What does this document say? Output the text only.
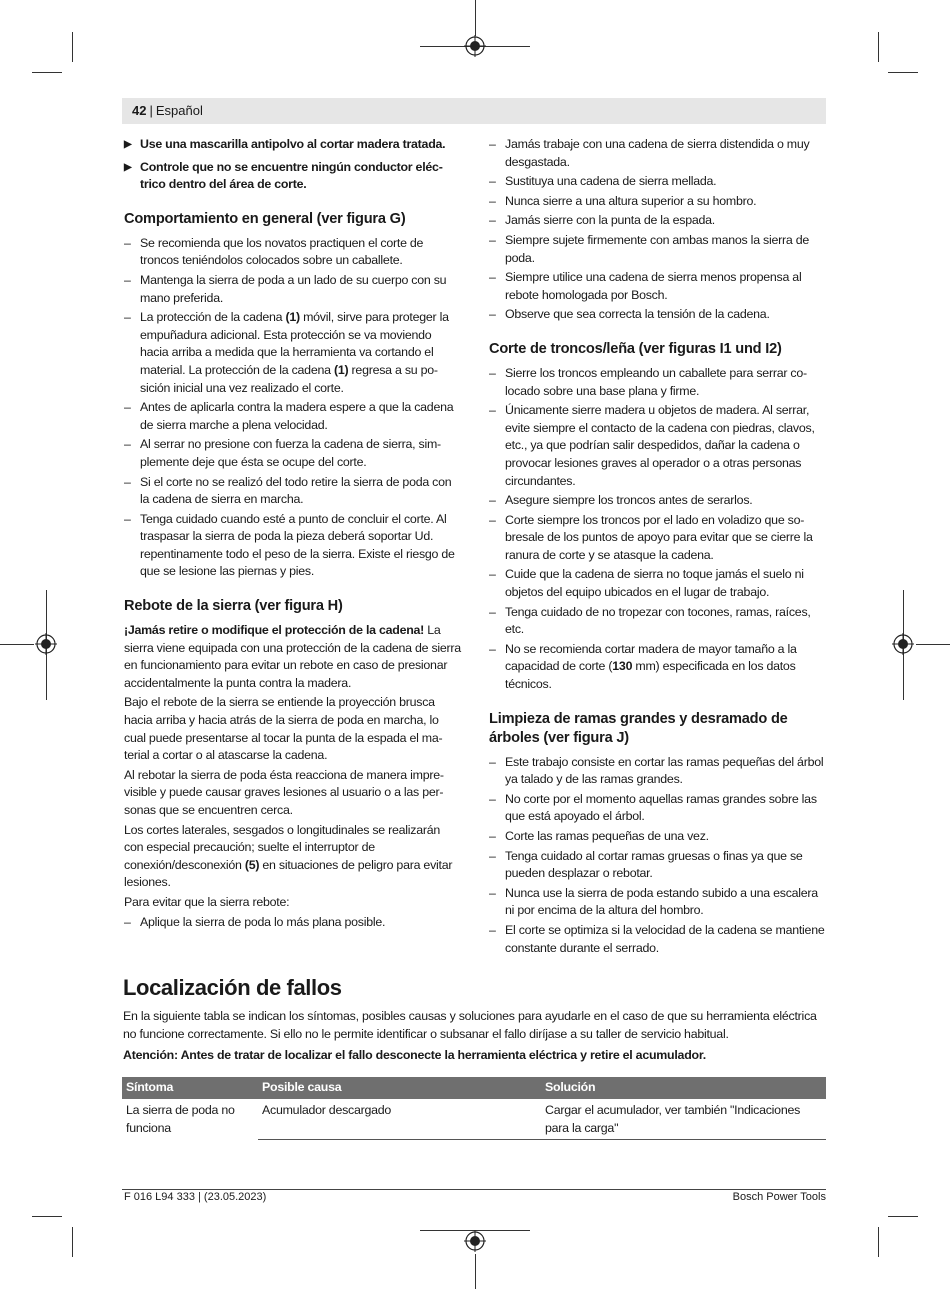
42 | Español
▶ Use una mascarilla antipolvo al cortar madera tratada.
▶ Controle que no se encuentre ningún conductor eléctrico dentro del área de corte.
Comportamiento en general (ver figura G)
– Se recomienda que los novatos practiquen el corte de troncos teniéndolos colocados sobre un caballete.
– Mantenga la sierra de poda a un lado de su cuerpo con su mano preferida.
– La protección de la cadena (1) móvil, sirve para proteger la empuñadura adicional. Esta protección se va moviendo hacia arriba a medida que la herramienta va cortando el material. La protección de la cadena (1) regresa a su posición inicial una vez realizado el corte.
– Antes de aplicarla contra la madera espere a que la cadena de sierra marche a plena velocidad.
– Al serrar no presione con fuerza la cadena de sierra, simplemente deje que ésta se ocupe del corte.
– Si el corte no se realizó del todo retire la sierra de poda con la cadena de sierra en marcha.
– Tenga cuidado cuando esté a punto de concluir el corte. Al traspasar la sierra de poda la pieza deberá soportar Ud. repentinamente todo el peso de la sierra. Existe el riesgo de que se lesione las piernas y pies.
Rebote de la sierra (ver figura H)

¡Jamás retire o modifique el protección de la cadena! La sierra viene equipada con una protección de la cadena de sierra en funcionamiento para evitar un rebote en caso de presionar accidentalmente la punta contra la madera.

Bajo el rebote de la sierra se entiende la proyección brusca hacia arriba y hacia atrás de la sierra de poda en marcha, lo cual puede presentarse al tocar la punta de la espada el material a cortar o al atascarse la cadena.

Al rebotar la sierra de poda ésta reacciona de manera imprevisible y puede causar graves lesiones al usuario o a las personas que se encuentren cerca.

Los cortes laterales, sesgados o longitudinales se realizarán con especial precaución; suelte el interruptor de conexión/desconexión (5) en situaciones de peligro para evitar lesiones.

Para evitar que la sierra rebote:

– Aplique la sierra de poda lo más plana posible.
– Jamás trabaje con una cadena de sierra distendida o muy desgastada.
– Sustituya una cadena de sierra mellada.
– Nunca sierre a una altura superior a su hombro.
– Jamás sierre con la punta de la espada.
– Siempre sujete firmemente con ambas manos la sierra de poda.
– Siempre utilice una cadena de sierra menos propensa al rebote homologada por Bosch.
– Observe que sea correcta la tensión de la cadena.
Corte de troncos/leña (ver figuras I1 und I2)
– Sierre los troncos empleando un caballete para serrar colocado sobre una base plana y firme.
– Únicamente sierre madera u objetos de madera. Al serrar, evite siempre el contacto de la cadena con piedras, clavos, etc., ya que podrían salir despedidos, dañar la cadena o provocar lesiones graves al operador o a otras personas circundantes.
– Asegure siempre los troncos antes de serarlos.
– Corte siempre los troncos por el lado en voladizo que sobresale de los puntos de apoyo para evitar que se cierre la ranura de corte y se atasque la cadena.
– Cuide que la cadena de sierra no toque jamás el suelo ni objetos del equipo ubicados en el lugar de trabajo.
– Tenga cuidado de no tropezar con tocones, ramas, raíces, etc.
– No se recomienda cortar madera de mayor tamaño a la capacidad de corte (130 mm) especificada en los datos técnicos.
Limpieza de ramas grandes y desramado de árboles (ver figura J)
– Este trabajo consiste en cortar las ramas pequeñas del árbol ya talado y de las ramas grandes.
– No corte por el momento aquellas ramas grandes sobre las que está apoyado el árbol.
– Corte las ramas pequeñas de una vez.
– Tenga cuidado al cortar ramas gruesas o finas ya que se pueden desplazar o rebotar.
– Nunca use la sierra de poda estando subido a una escalera ni por encima de la altura del hombro.
– El corte se optimiza si la velocidad de la cadena se mantiene constante durante el serrado.
Localización de fallos
En la siguiente tabla se indican los síntomas, posibles causas y soluciones para ayudarle en el caso de que su herramienta eléctrica no funcione correctamente. Si ello no le permite identificar o subsanar el fallo diríjase a su taller de servicio habitual.
Atención: Antes de tratar de localizar el fallo desconecte la herramienta eléctrica y retire el acumulador.
Síntoma	Posible causa	Solución
La sierra de poda no funciona	Acumulador descargado	Cargar el acumulador, ver también "Indicaciones para la carga"
F 016 L94 333 | (23.05.2023)	Bosch Power Tools
